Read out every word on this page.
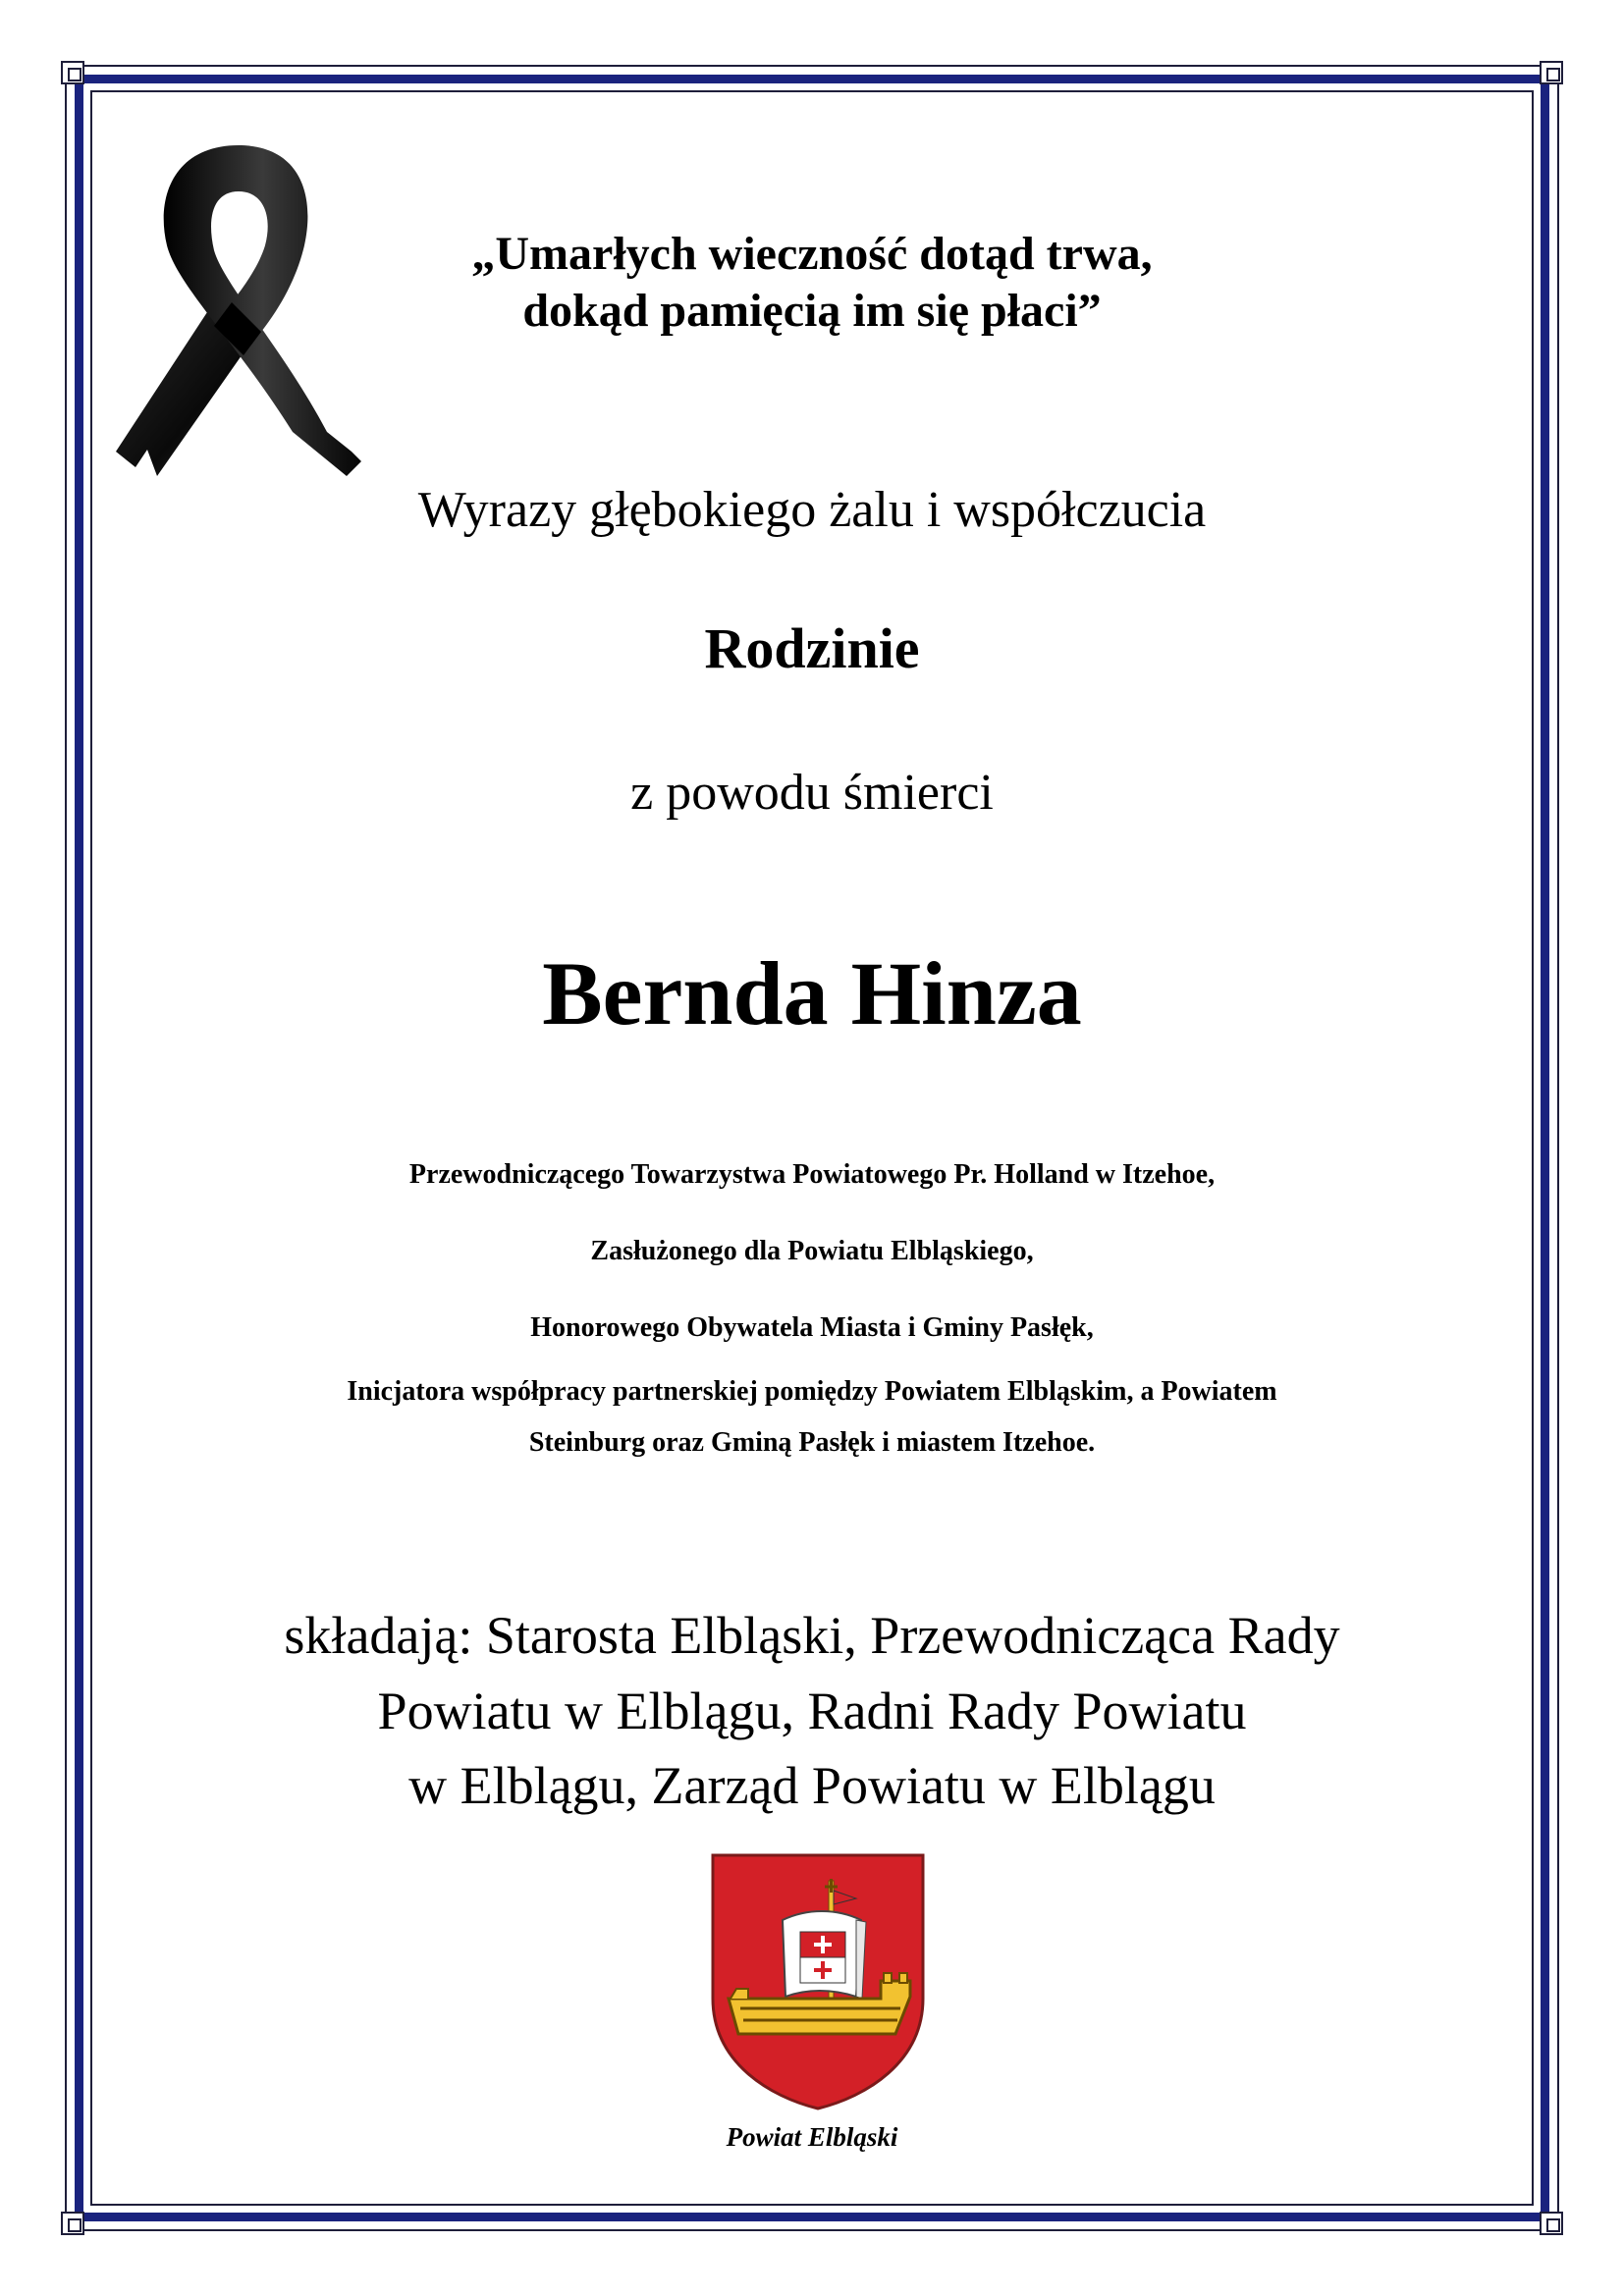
„Umarłych wieczność dotąd trwa,
dokąd pamięcią im się płaci”
Wyrazy głębokiego żalu i współczucia
Rodzinie
z powodu śmierci
Bernda Hinza
Przewodniczącego Towarzystwa Powiatowego Pr. Holland w Itzehoe,
Zasłużonego dla Powiatu Elbląskiego,
Honorowego Obywatela Miasta i Gminy Pasłęk,
Inicjatora współpracy partnerskiej pomiędzy Powiatem Elbląskim, a Powiatem
Steinburg oraz Gminą Pasłęk i miastem Itzehoe.
składają: Starosta Elbląski, Przewodnicząca Rady
Powiatu w Elblągu, Radni Rady Powiatu
w Elblągu, Zarząd Powiatu w Elblągu
Powiat Elbląski
